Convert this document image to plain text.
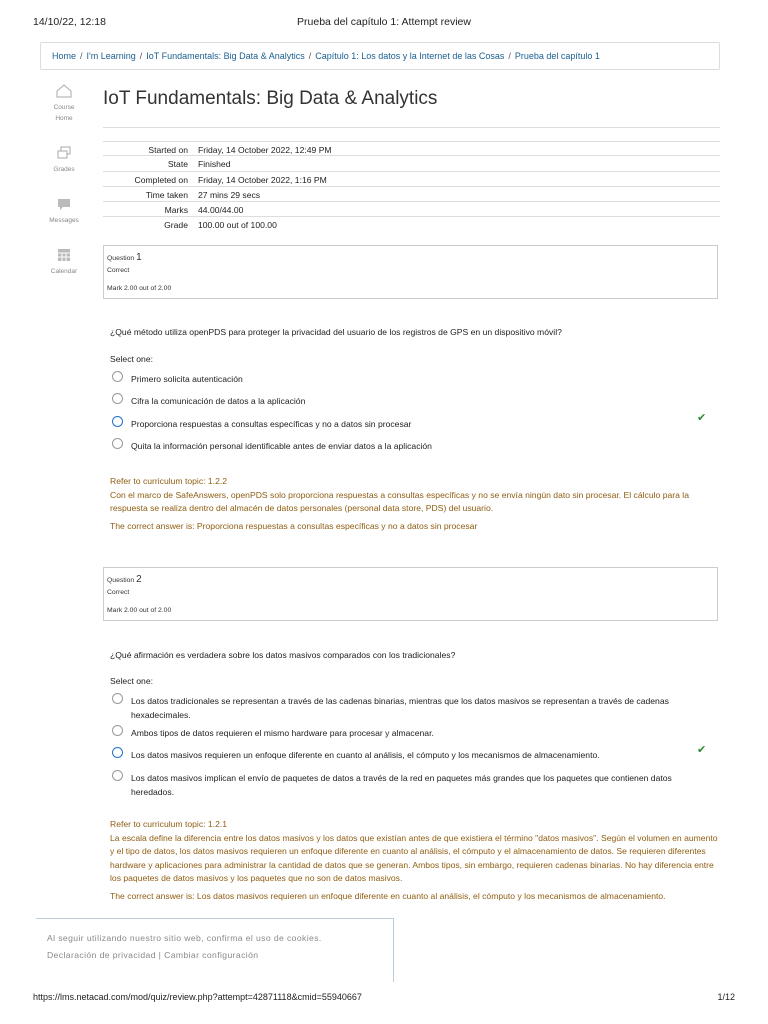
14/10/22, 12:18	Prueba del capítulo 1: Attempt review
Home / I'm Learning / IoT Fundamentals: Big Data & Analytics / Capítulo 1: Los datos y la Internet de las Cosas / Prueba del capítulo 1
Course Home
Grades
Messages
Calendar
IoT Fundamentals: Big Data & Analytics
Started on Friday, 14 October 2022, 12:49 PM
State Finished
Completed on Friday, 14 October 2022, 1:16 PM
Time taken 27 mins 29 secs
Marks 44.00/44.00
Grade 100.00 out of 100.00
Question 1
Correct
Mark 2.00 out of 2.00
¿Qué método utiliza openPDS para proteger la privacidad del usuario de los registros de GPS en un dispositivo móvil?
Select one:
Primero solicita autenticación
Cifra la comunicación de datos a la aplicación
Proporciona respuestas a consultas específicas y no a datos sin procesar
Quita la información personal identificable antes de enviar datos a la aplicación
✔
Refer to curriculum topic: 1.2.2
Con el marco de SafeAnswers, openPDS solo proporciona respuestas a consultas específicas y no se envía ningún dato sin procesar. El cálculo para la respuesta se realiza dentro del almacén de datos personales (personal data store, PDS) del usuario.
The correct answer is: Proporciona respuestas a consultas específicas y no a datos sin procesar
Question 2
Correct
Mark 2.00 out of 2.00
¿Qué afirmación es verdadera sobre los datos masivos comparados con los tradicionales?
Select one:
Los datos tradicionales se representan a través de las cadenas binarias, mientras que los datos masivos se representan a través de cadenas hexadecimales.
Ambos tipos de datos requieren el mismo hardware para procesar y almacenar.
Los datos masivos requieren un enfoque diferente en cuanto al análisis, el cómputo y los mecanismos de almacenamiento.
Los datos masivos implican el envío de paquetes de datos a través de la red en paquetes más grandes que los paquetes que contienen datos heredados.
✔
Refer to curriculum topic: 1.2.1
La escala define la diferencia entre los datos masivos y los datos que existían antes de que existiera el término "datos masivos". Según el volumen en aumento y el tipo de datos, los datos masivos requieren un enfoque diferente en cuanto al análisis, el cómputo y el almacenamiento de datos. Se requieren diferentes hardware y aplicaciones para administrar la cantidad de datos que se generan. Ambos tipos, sin embargo, requieren cadenas binarias. No hay diferencia entre los paquetes de datos masivos y los paquetes que no son de datos masivos.
The correct answer is: Los datos masivos requieren un enfoque diferente en cuanto al análisis, el cómputo y los mecanismos de almacenamiento.
Al seguir utilizando nuestro sitio web, confirma el uso de cookies.
Declaración de privacidad | Cambiar configuración
https://lms.netacad.com/mod/quiz/review.php?attempt=42871118&cmid=55940667	1/12
